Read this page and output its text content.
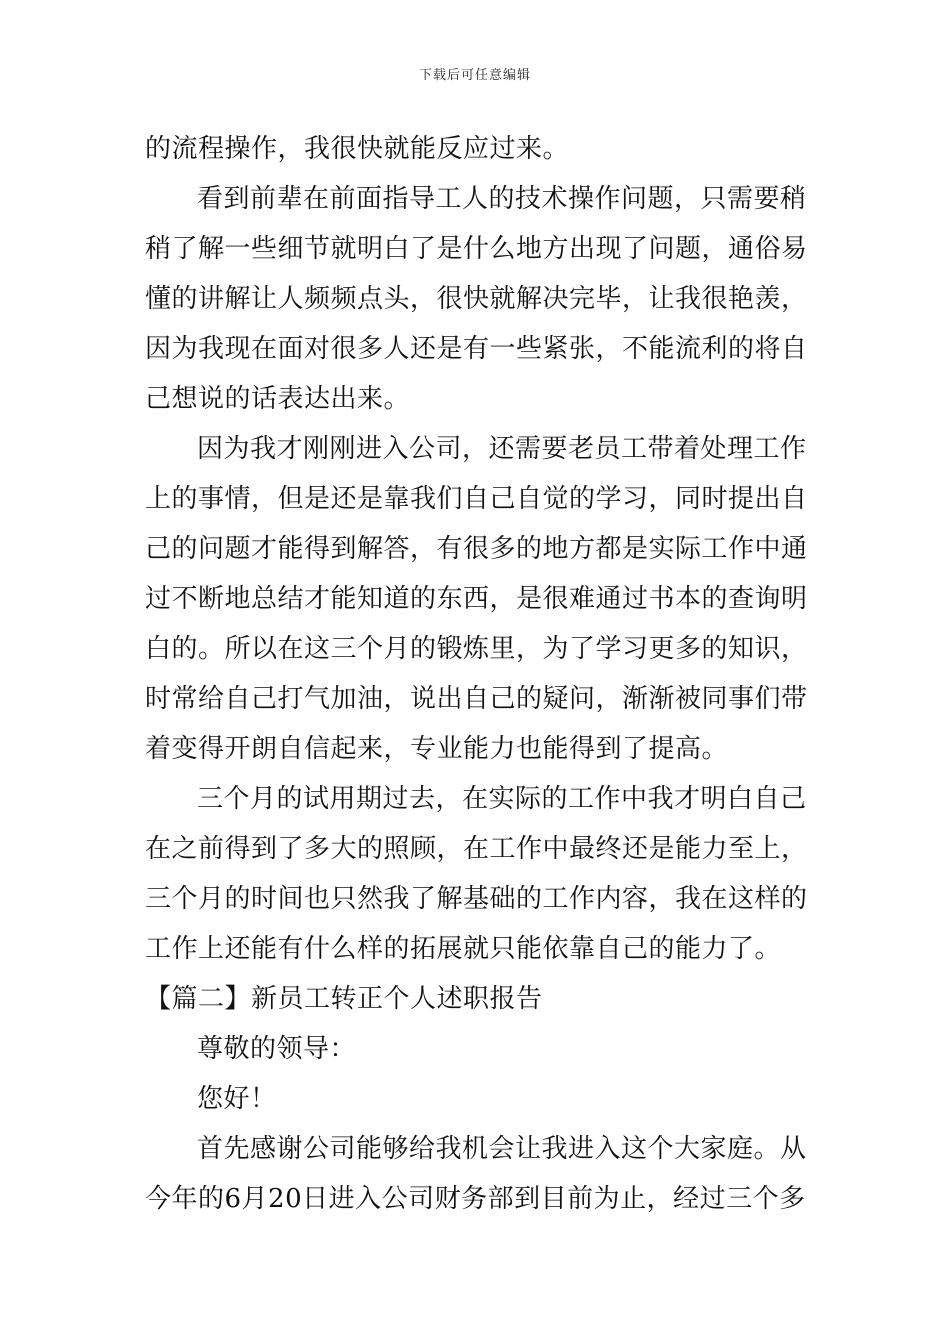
下载后可任意编辑
的流程操作，我很快就能反应过来。
看到前辈在前面指导工人的技术操作问题，只需要稍
稍了解一些细节就明白了是什么地方出现了问题，通俗易
懂的讲解让人频频点头，很快就解决完毕，让我很艳羡，
因为我现在面对很多人还是有一些紧张，不能流利的将自
己想说的话表达出来。
因为我才刚刚进入公司，还需要老员工带着处理工作
上的事情，但是还是靠我们自己自觉的学习，同时提出自
己的问题才能得到解答，有很多的地方都是实际工作中通
过不断地总结才能知道的东西，是很难通过书本的查询明
白的。所以在这三个月的锻炼里，为了学习更多的知识，
时常给自己打气加油，说出自己的疑问，渐渐被同事们带
着变得开朗自信起来，专业能力也能得到了提高。
三个月的试用期过去，在实际的工作中我才明白自己
在之前得到了多大的照顾，在工作中最终还是能力至上，
三个月的时间也只然我了解基础的工作内容，我在这样的
工作上还能有什么样的拓展就只能依靠自己的能力了。
【篇二】新员工转正个人述职报告
尊敬的领导：
您好！
首先感谢公司能够给我机会让我进入这个大家庭。从
今年的6月20日进入公司财务部到目前为止，经过三个多
